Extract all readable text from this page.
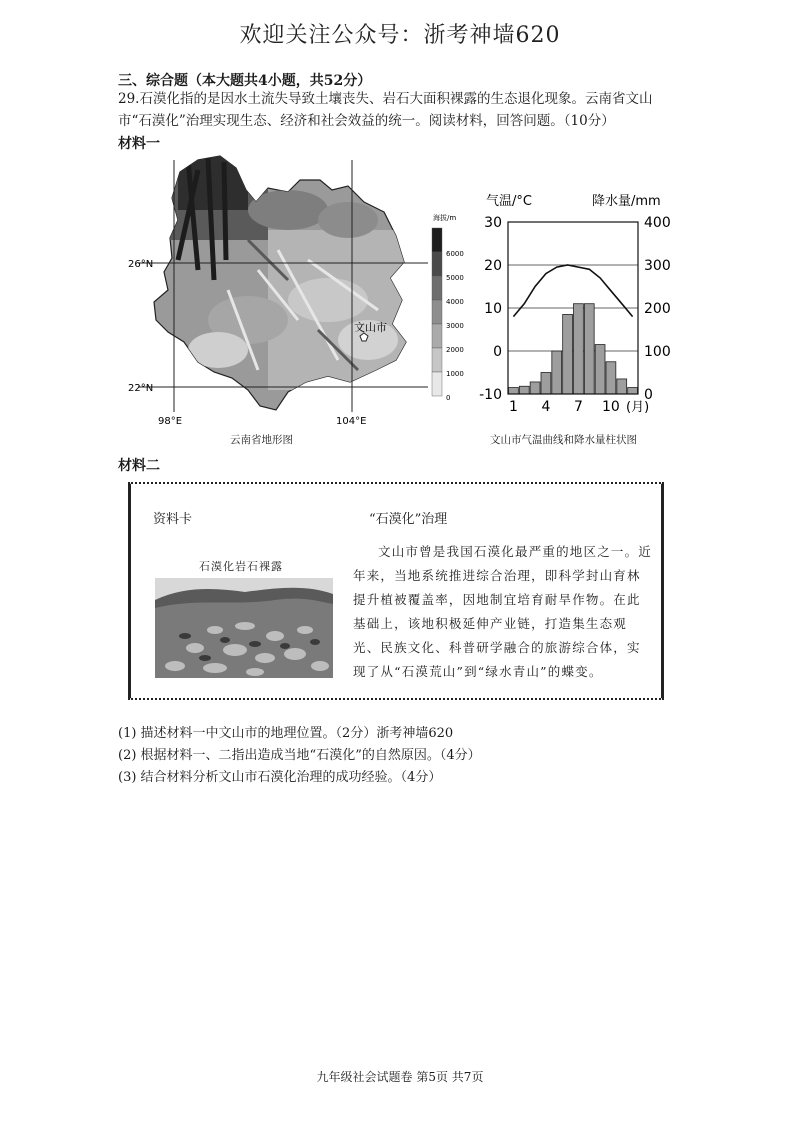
欢迎关注公众号：浙考神墙620
三、综合题（本大题共4小题，共52分）
29.石漠化指的是因水土流失导致土壤丧失、岩石大面积裸露的生态退化现象。云南省文山
市“石漠化”治理实现生态、经济和社会效益的统一。阅读材料，回答问题。（10分）
材料一
26°N
22°N
98°E	104°E
文山市
海拔/m
6000
5000
4000
3000
2000
1000
0
云南省地形图
气温/°C	降水量/mm
30
20
10
0
-10
400
300
200
100
0
1 4 7 10 (月)
文山市气温曲线和降水量柱状图
材料二
资料卡	“石漠化”治理
石漠化岩石裸露
文山市曾是我国石漠化最严重的地区之一。近年来，当地系统推进综合治理，即科学封山育林提升植被覆盖率，因地制宜培育耐旱作物。在此基础上，该地积极延伸产业链，打造集生态观光、民族文化、科普研学融合的旅游综合体，实现了从“石漠荒山”到“绿水青山”的蝶变。
(1) 描述材料一中文山市的地理位置。（2分）浙考神墙620
(2) 根据材料一、二指出造成当地“石漠化”的自然原因。（4分）
(3) 结合材料分析文山市石漠化治理的成功经验。（4分）
九年级社会试题卷 第5页 共7页
